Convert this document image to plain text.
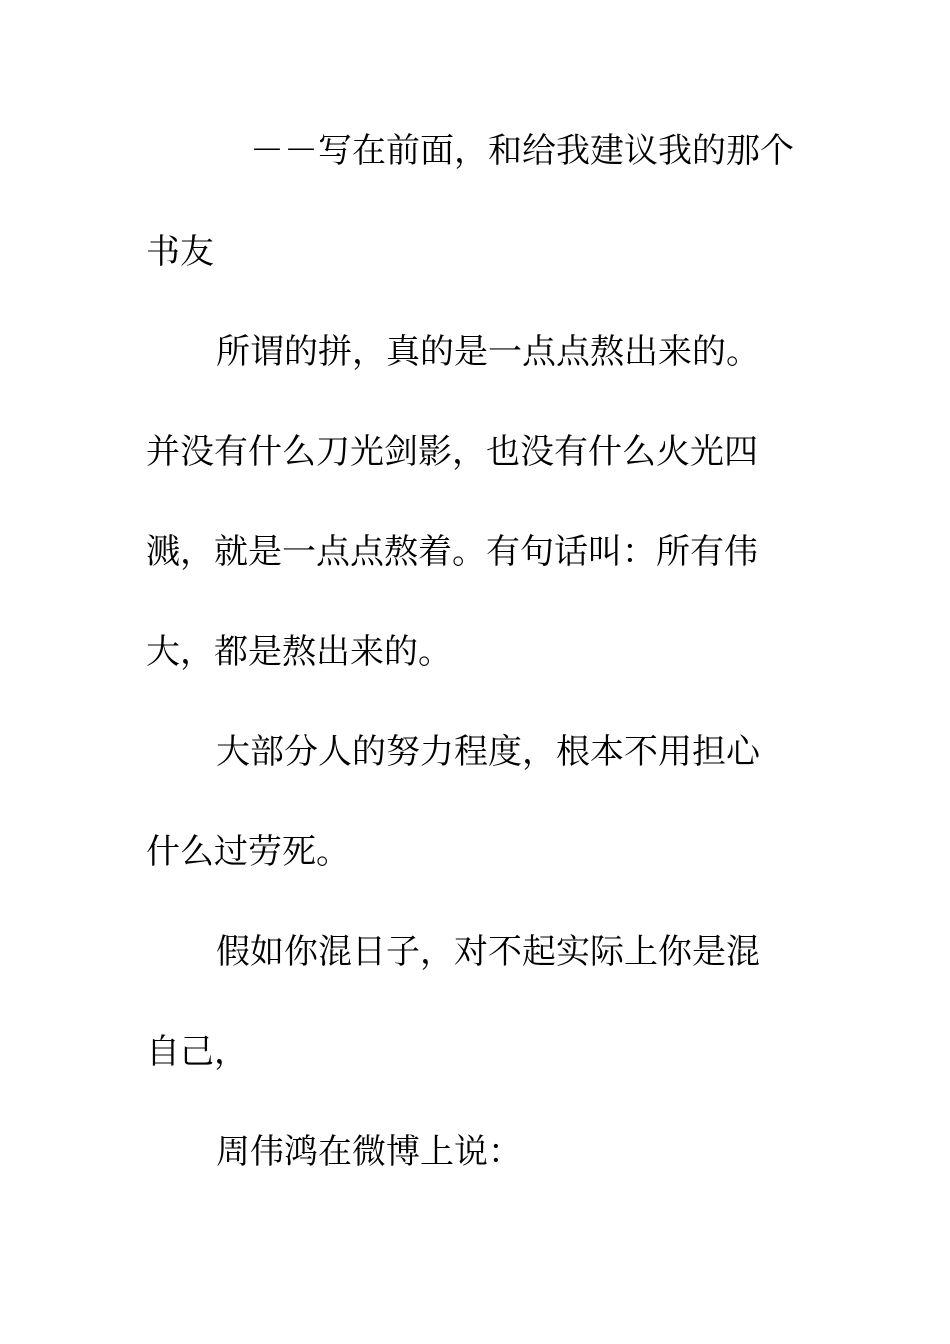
－－写在前面，和给我建议我的那个
书友
所谓的拼，真的是一点点熬出来的。
并没有什么刀光剑影，也没有什么火光四
溅，就是一点点熬着。有句话叫：所有伟
大，都是熬出来的。
大部分人的努力程度，根本不用担心
什么过劳死。
假如你混日子，对不起实际上你是混
自己，
周伟鸿在微博上说：
